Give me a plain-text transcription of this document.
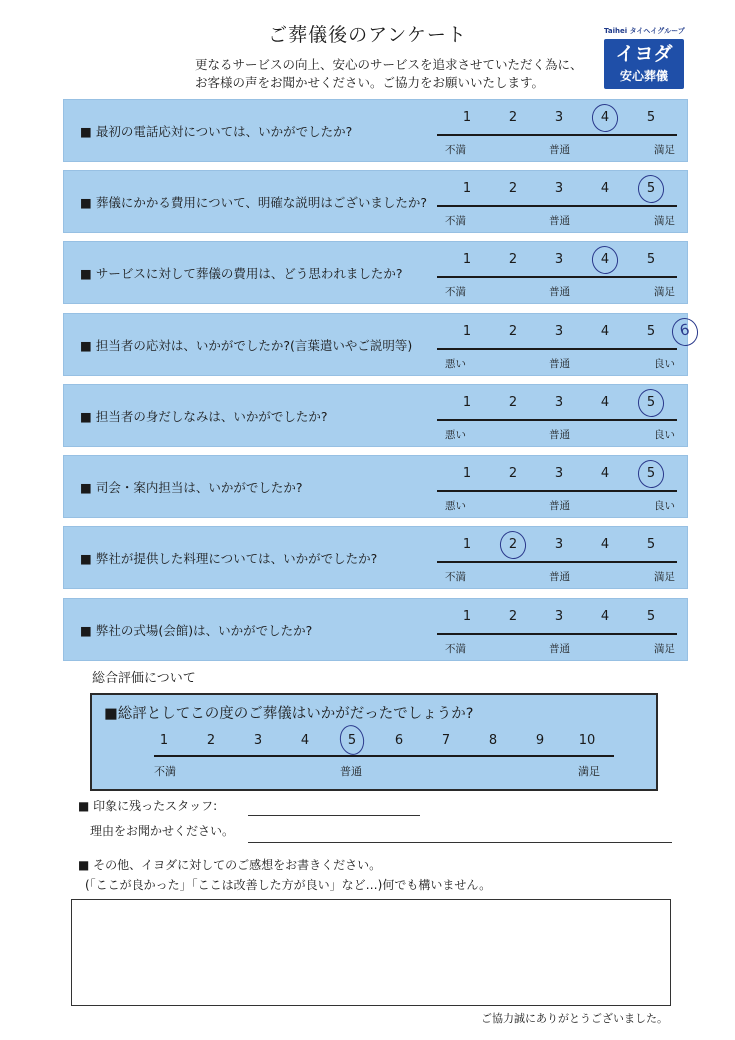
ご葬儀後のアンケート
更なるサービスの向上、安心のサービスを追求させていただく為に、
お客様の声をお聞かせください。ご協力をお願いいたします。
Taihei タイヘイグループ
イヨダ
安心葬儀
■ 最初の電話応対については、いかがでしたか?
1	2	3	4	5
不満	普通	満足
■ 葬儀にかかる費用について、明確な説明はございましたか?
1	2	3	4	5
不満	普通	満足
■ サービスに対して葬儀の費用は、どう思われましたか?
1	2	3	4	5
不満	普通	満足
■ 担当者の応対は、いかがでしたか?(言葉遣いやご説明等)
1	2	3	4	5
悪い	普通	良い
6
■ 担当者の身だしなみは、いかがでしたか?
1	2	3	4	5
悪い	普通	良い
■ 司会・案内担当は、いかがでしたか?
1	2	3	4	5
悪い	普通	良い
■ 弊社が提供した料理については、いかがでしたか?
1	2	3	4	5
不満	普通	満足
■ 弊社の式場(会館)は、いかがでしたか?
1	2	3	4	5
不満	普通	満足
総合評価について
■総評としてこの度のご葬儀はいかがだったでしょうか?
不満	普通	満足
1	2	3	4	5	6	7	8	9	10
■ 印象に残ったスタッフ:
理由をお聞かせください。
■ その他、イヨダに対してのご感想をお書きください。
(「ここが良かった」「ここは改善した方が良い」など…)何でも構いません。
ご協力誠にありがとうございました。
